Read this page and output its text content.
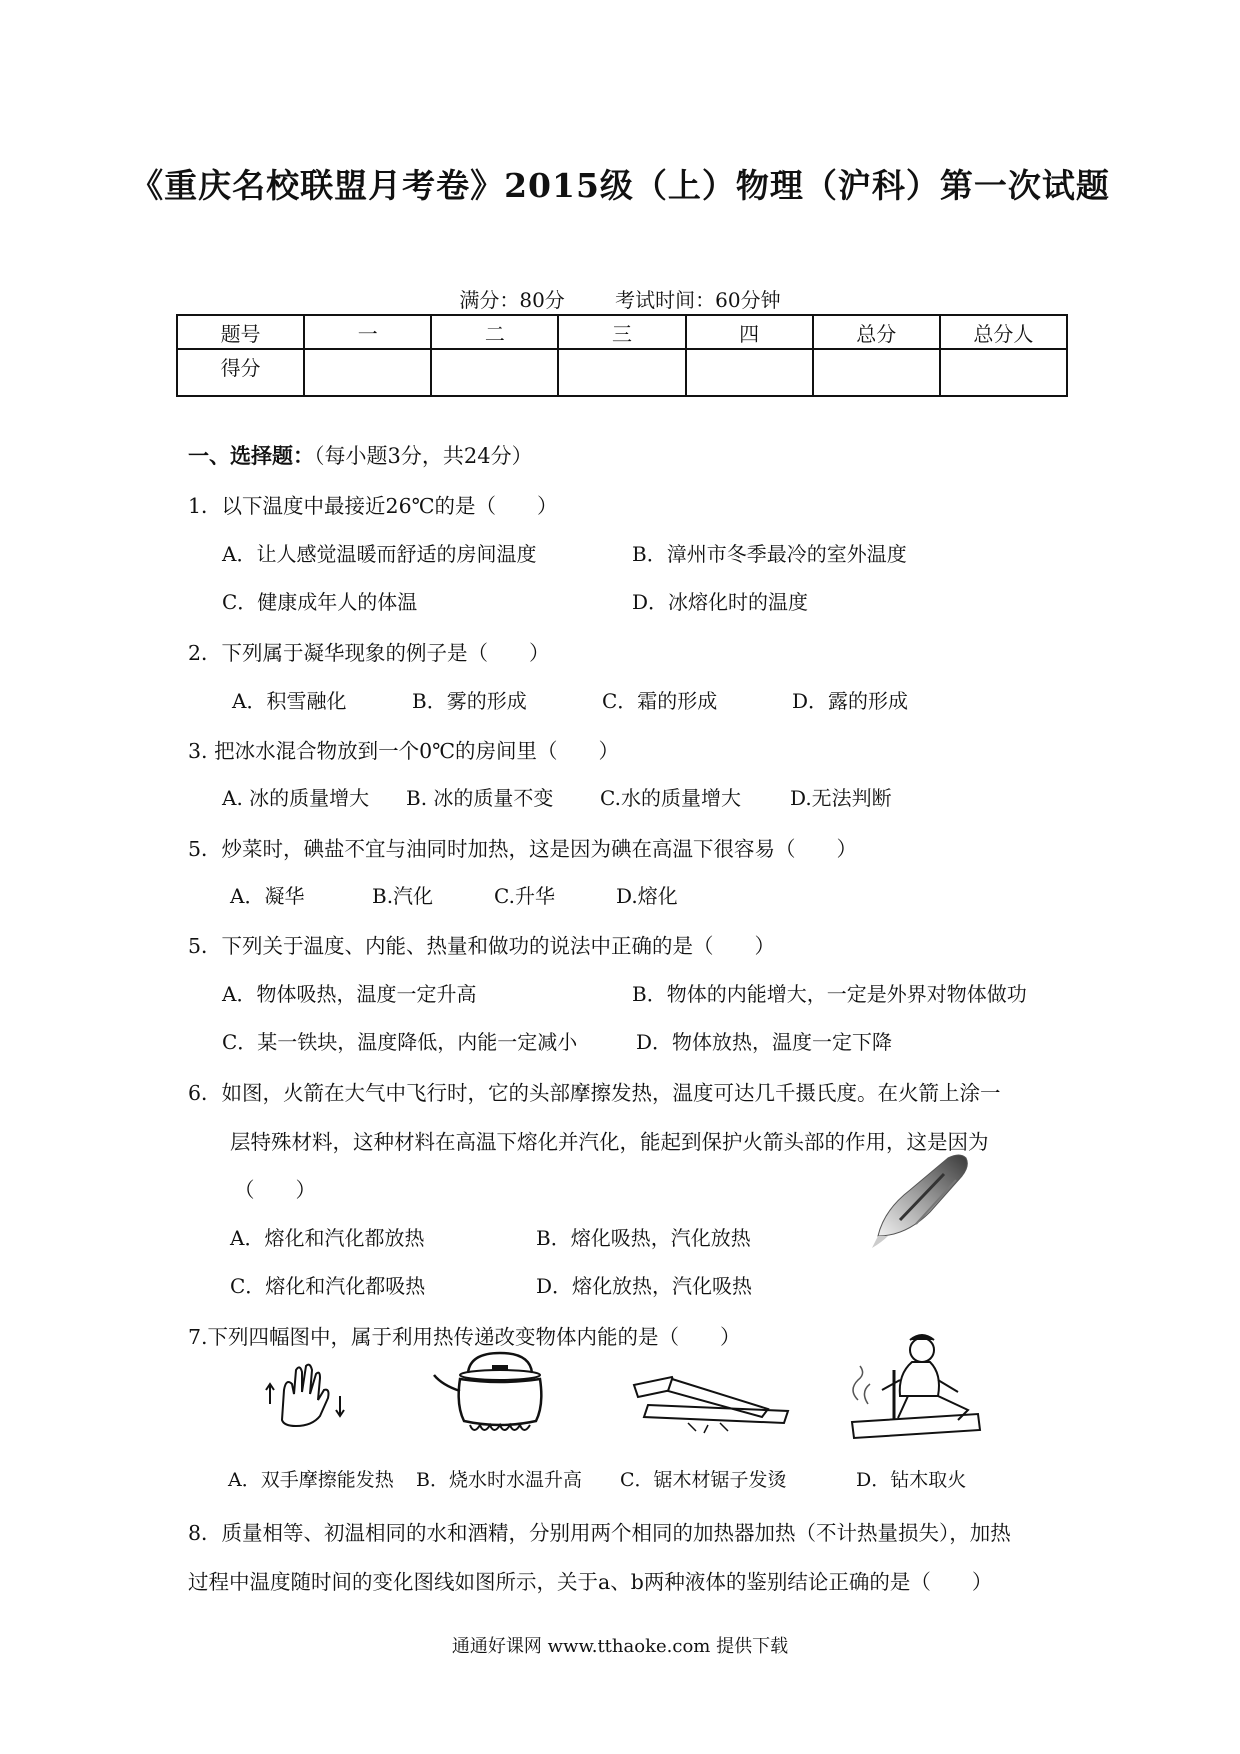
《重庆名校联盟月考卷》2015级（上）物理（沪科）第一次试题
满分：80分	考试时间：60分钟
题号	一	二	三	四	总分	总分人
得分						
一、选择题：（每小题3分，共24分）
1．以下温度中最接近26℃的是（　　）
A．让人感觉温暖而舒适的房间温度	B．漳州市冬季最冷的室外温度
C．健康成年人的体温	D．冰熔化时的温度
2．下列属于凝华现象的例子是（　　）
A．积雪融化	B．雾的形成	C．霜的形成	D．露的形成
3. 把冰水混合物放到一个0℃的房间里（　　）
A. 冰的质量增大 B. 冰的质量不变 C.水的质量增大 D.无法判断
5．炒菜时，碘盐不宜与油同时加热，这是因为碘在高温下很容易（　　）
A．凝华	B.汽化	C.升华	D.熔化
5．下列关于温度、内能、热量和做功的说法中正确的是（　　）
A．物体吸热，温度一定升高	B．物体的内能增大，一定是外界对物体做功
C．某一铁块，温度降低，内能一定减小	D．物体放热，温度一定下降
6．如图，火箭在大气中飞行时，它的头部摩擦发热，温度可达几千摄氏度。在火箭上涂一
层特殊材料，这种材料在高温下熔化并汽化，能起到保护火箭头部的作用，这是因为
（　　）
A．熔化和汽化都放热	B．熔化吸热，汽化放热
C．熔化和汽化都吸热	D．熔化放热，汽化吸热
7.下列四幅图中，属于利用热传递改变物体内能的是（　　）
A．双手摩擦能发热 B．烧水时水温升高 C．锯木材锯子发烫	D．钻木取火
8．质量相等、初温相同的水和酒精，分别用两个相同的加热器加热（不计热量损失），加热
过程中温度随时间的变化图线如图所示，关于a、b两种液体的鉴别结论正确的是（　　）
通通好课网 www.tthaoke.com 提供下载
